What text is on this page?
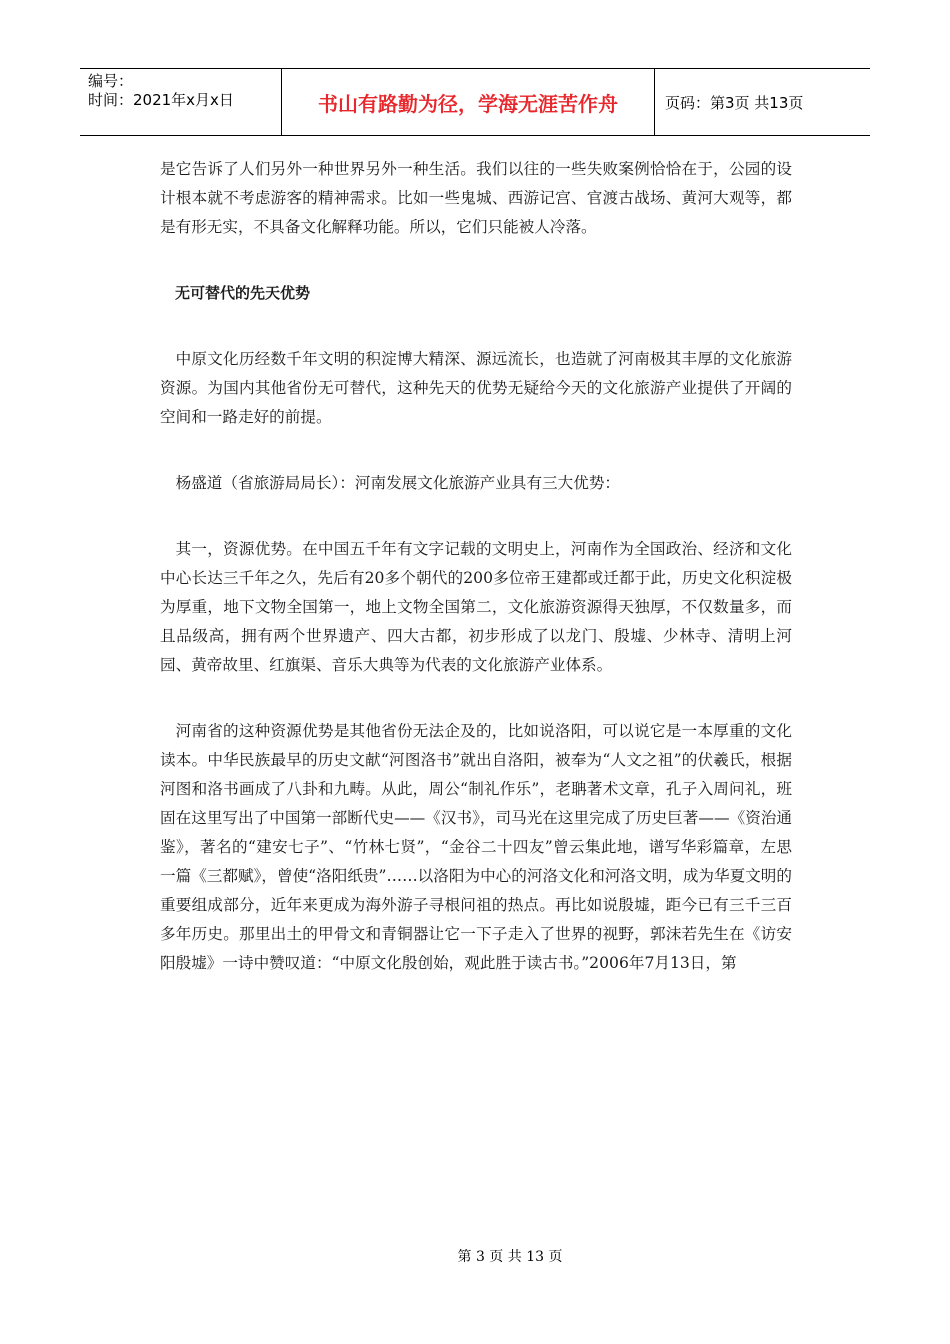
编号：
时间：2021年x月x日	书山有路勤为径，学海无涯苦作舟	页码：第3页 共13页

是它告诉了人们另外一种世界另外一种生活。我们以往的一些失败案例恰恰在于，公园的设计根本就不考虑游客的精神需求。比如一些鬼城、西游记宫、官渡古战场、黄河大观等，都是有形无实，不具备文化解释功能。所以，它们只能被人冷落。

无可替代的先天优势

中原文化历经数千年文明的积淀博大精深、源远流长，也造就了河南极其丰厚的文化旅游资源。为国内其他省份无可替代，这种先天的优势无疑给今天的文化旅游产业提供了开阔的空间和一路走好的前提。

杨盛道（省旅游局局长）：河南发展文化旅游产业具有三大优势：

其一，资源优势。在中国五千年有文字记载的文明史上，河南作为全国政治、经济和文化中心长达三千年之久，先后有20多个朝代的200多位帝王建都或迁都于此，历史文化积淀极为厚重，地下文物全国第一，地上文物全国第二，文化旅游资源得天独厚，不仅数量多，而且品级高，拥有两个世界遗产、四大古都，初步形成了以龙门、殷墟、少林寺、清明上河园、黄帝故里、红旗渠、音乐大典等为代表的文化旅游产业体系。

河南省的这种资源优势是其他省份无法企及的，比如说洛阳，可以说它是一本厚重的文化读本。中华民族最早的历史文献“河图洛书”就出自洛阳，被奉为“人文之祖”的伏羲氏，根据河图和洛书画成了八卦和九畴。从此，周公“制礼作乐”，老聃著术文章，孔子入周问礼，班固在这里写出了中国第一部断代史——《汉书》，司马光在这里完成了历史巨著——《资治通鉴》，著名的“建安七子”、“竹林七贤”，“金谷二十四友”曾云集此地，谱写华彩篇章，左思一篇《三都赋》，曾使“洛阳纸贵”……以洛阳为中心的河洛文化和河洛文明，成为华夏文明的重要组成部分，近年来更成为海外游子寻根问祖的热点。再比如说殷墟，距今已有三千三百多年历史。那里出土的甲骨文和青铜器让它一下子走入了世界的视野，郭沫若先生在《访安阳殷墟》一诗中赞叹道：“中原文化殷创始，观此胜于读古书。”2006年7月13日，第

第 3 页 共 13 页
